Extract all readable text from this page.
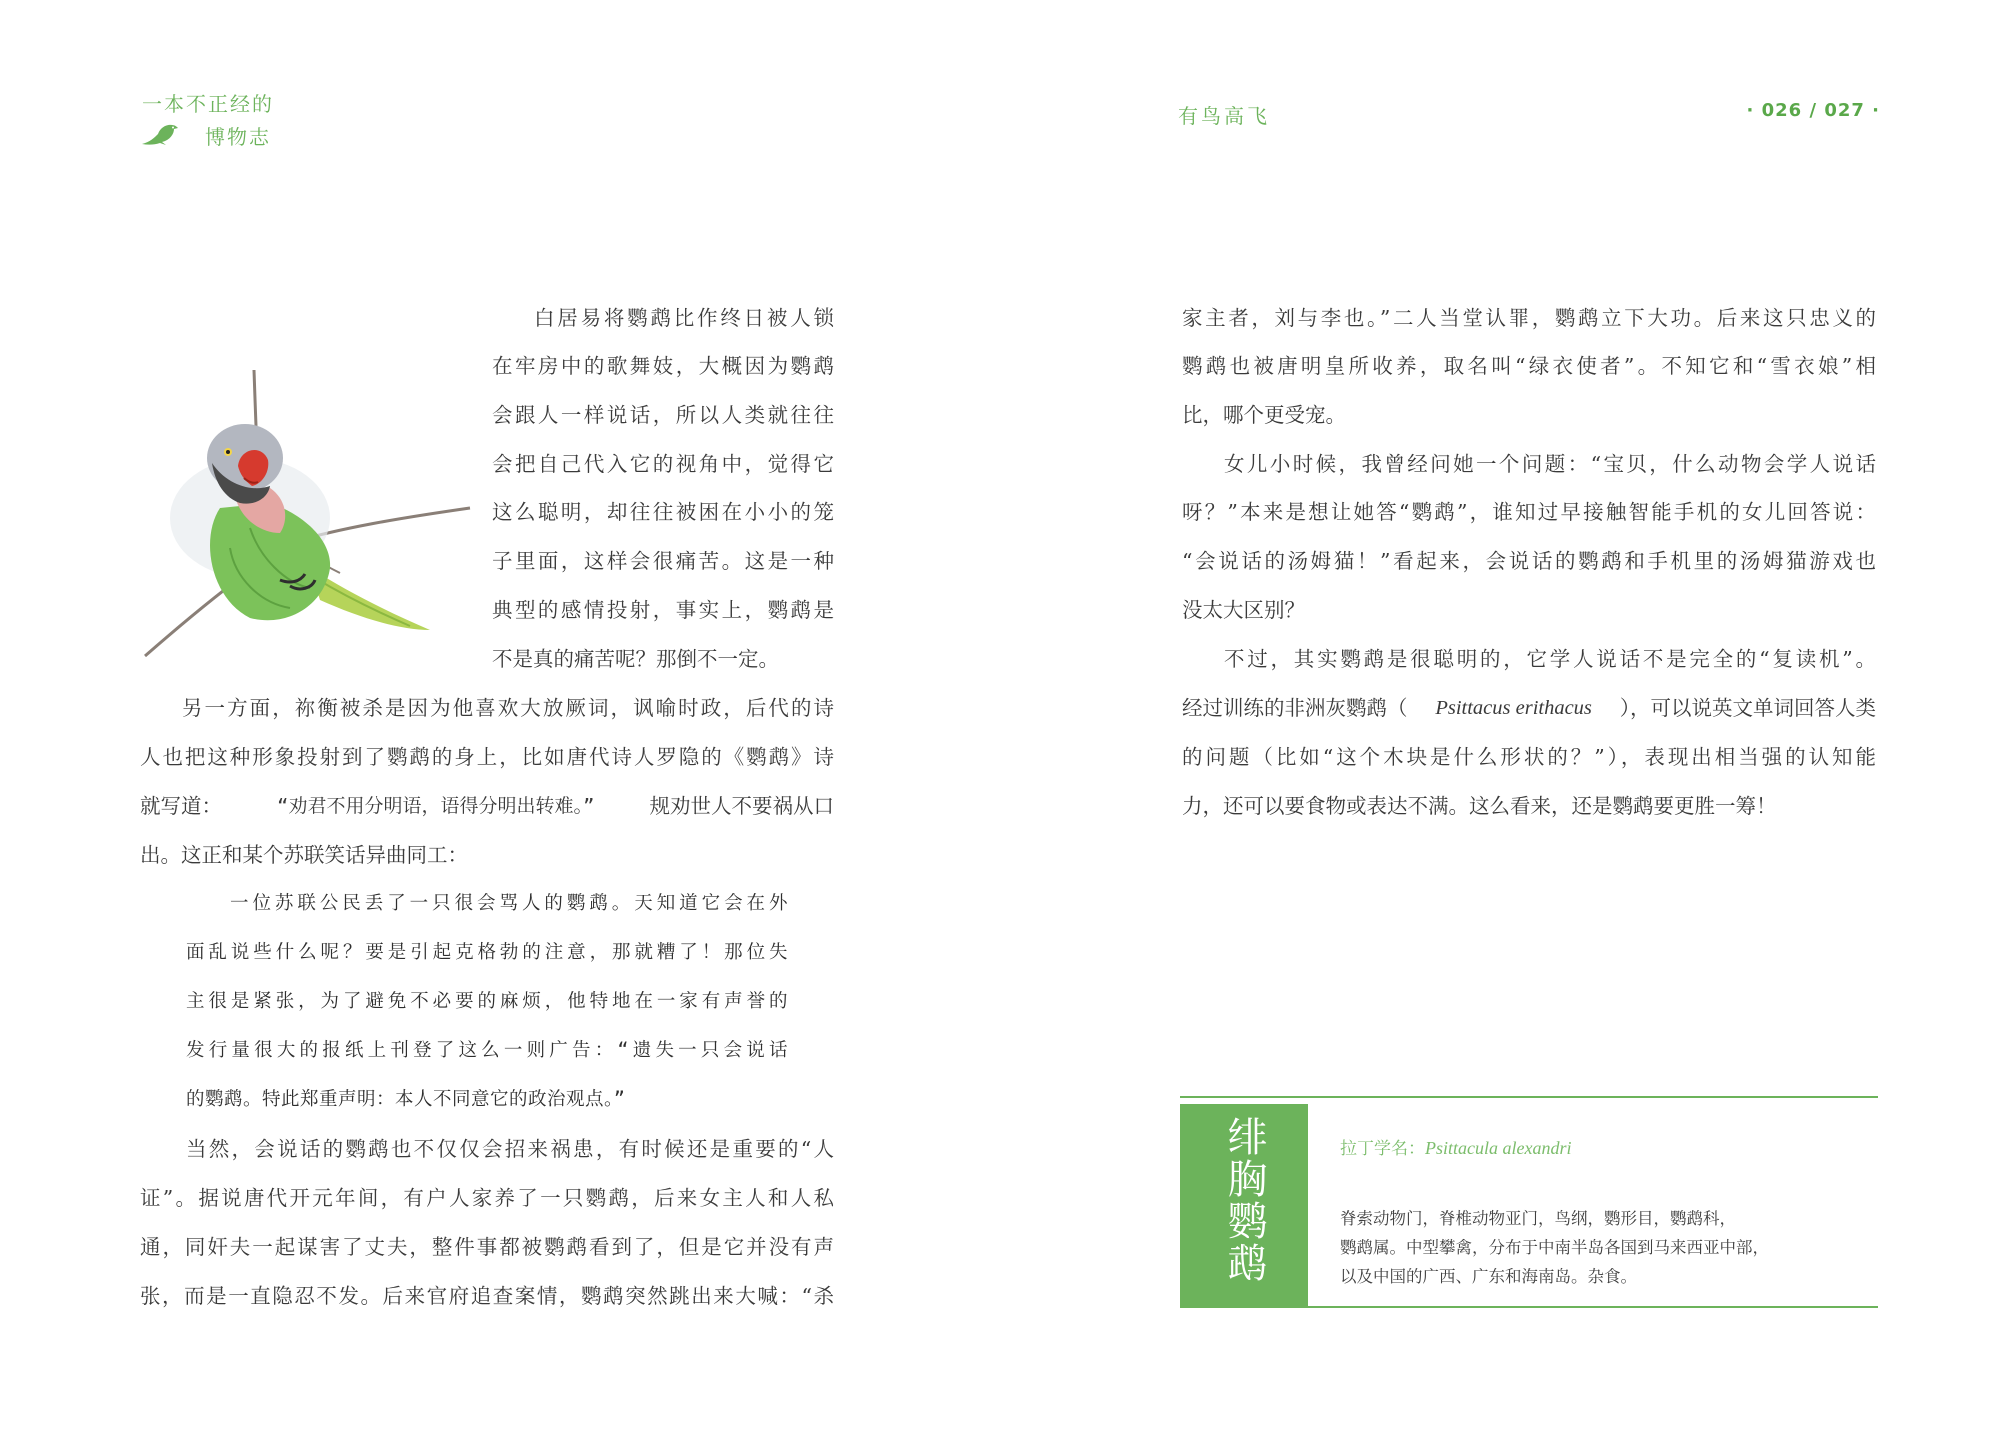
一本不正经的
博物志
有鸟高飞	· 026 / 027 ·
白居易将鹦鹉比作终日被人锁
在牢房中的歌舞妓，大概因为鹦鹉
会跟人一样说话，所以人类就往往
会把自己代入它的视角中，觉得它
这么聪明，却往往被困在小小的笼
子里面，这样会很痛苦。这是一种
典型的感情投射，事实上，鹦鹉是
不是真的痛苦呢？那倒不一定。
另一方面，祢衡被杀是因为他喜欢大放厥词，讽喻时政，后代的诗
人也把这种形象投射到了鹦鹉的身上，比如唐代诗人罗隐的《鹦鹉》诗
就写道：	“劝君不用分明语，语得分明出转难。”	规劝世人不要祸从口
出。这正和某个苏联笑话异曲同工：
一位苏联公民丢了一只很会骂人的鹦鹉。天知道它会在外
面乱说些什么呢？要是引起克格勃的注意，那就糟了！那位失
主很是紧张，为了避免不必要的麻烦，他特地在一家有声誉的
发行量很大的报纸上刊登了这么一则广告：“遗失一只会说话
的鹦鹉。特此郑重声明：本人不同意它的政治观点。”
当然，会说话的鹦鹉也不仅仅会招来祸患，有时候还是重要的“人
证”。据说唐代开元年间，有户人家养了一只鹦鹉，后来女主人和人私
通，同奸夫一起谋害了丈夫，整件事都被鹦鹉看到了，但是它并没有声
张，而是一直隐忍不发。后来官府追查案情，鹦鹉突然跳出来大喊：“杀
家主者，刘与李也。”二人当堂认罪，鹦鹉立下大功。后来这只忠义的
鹦鹉也被唐明皇所收养，取名叫“绿衣使者”。不知它和“雪衣娘”相
比，哪个更受宠。
女儿小时候，我曾经问她一个问题：“宝贝，什么动物会学人说话
呀？”本来是想让她答“鹦鹉”，谁知过早接触智能手机的女儿回答说：
“会说话的汤姆猫！”看起来，会说话的鹦鹉和手机里的汤姆猫游戏也
没太大区别？
不过，其实鹦鹉是很聪明的，它学人说话不是完全的“复读机”。
经过训练的非洲灰鹦鹉（ Psittacus erithacus ），可以说英文单词回答人类
的问题（比如“这个木块是什么形状的？”），表现出相当强的认知能
力，还可以要食物或表达不满。这么看来，还是鹦鹉要更胜一筹！
绯胸鹦鹉	拉丁学名：Psittacula alexandri
脊索动物门，脊椎动物亚门，鸟纲，鹦形目，鹦鹉科，
鹦鹉属。中型攀禽，分布于中南半岛各国到马来西亚中部，
以及中国的广西、广东和海南岛。杂食。
